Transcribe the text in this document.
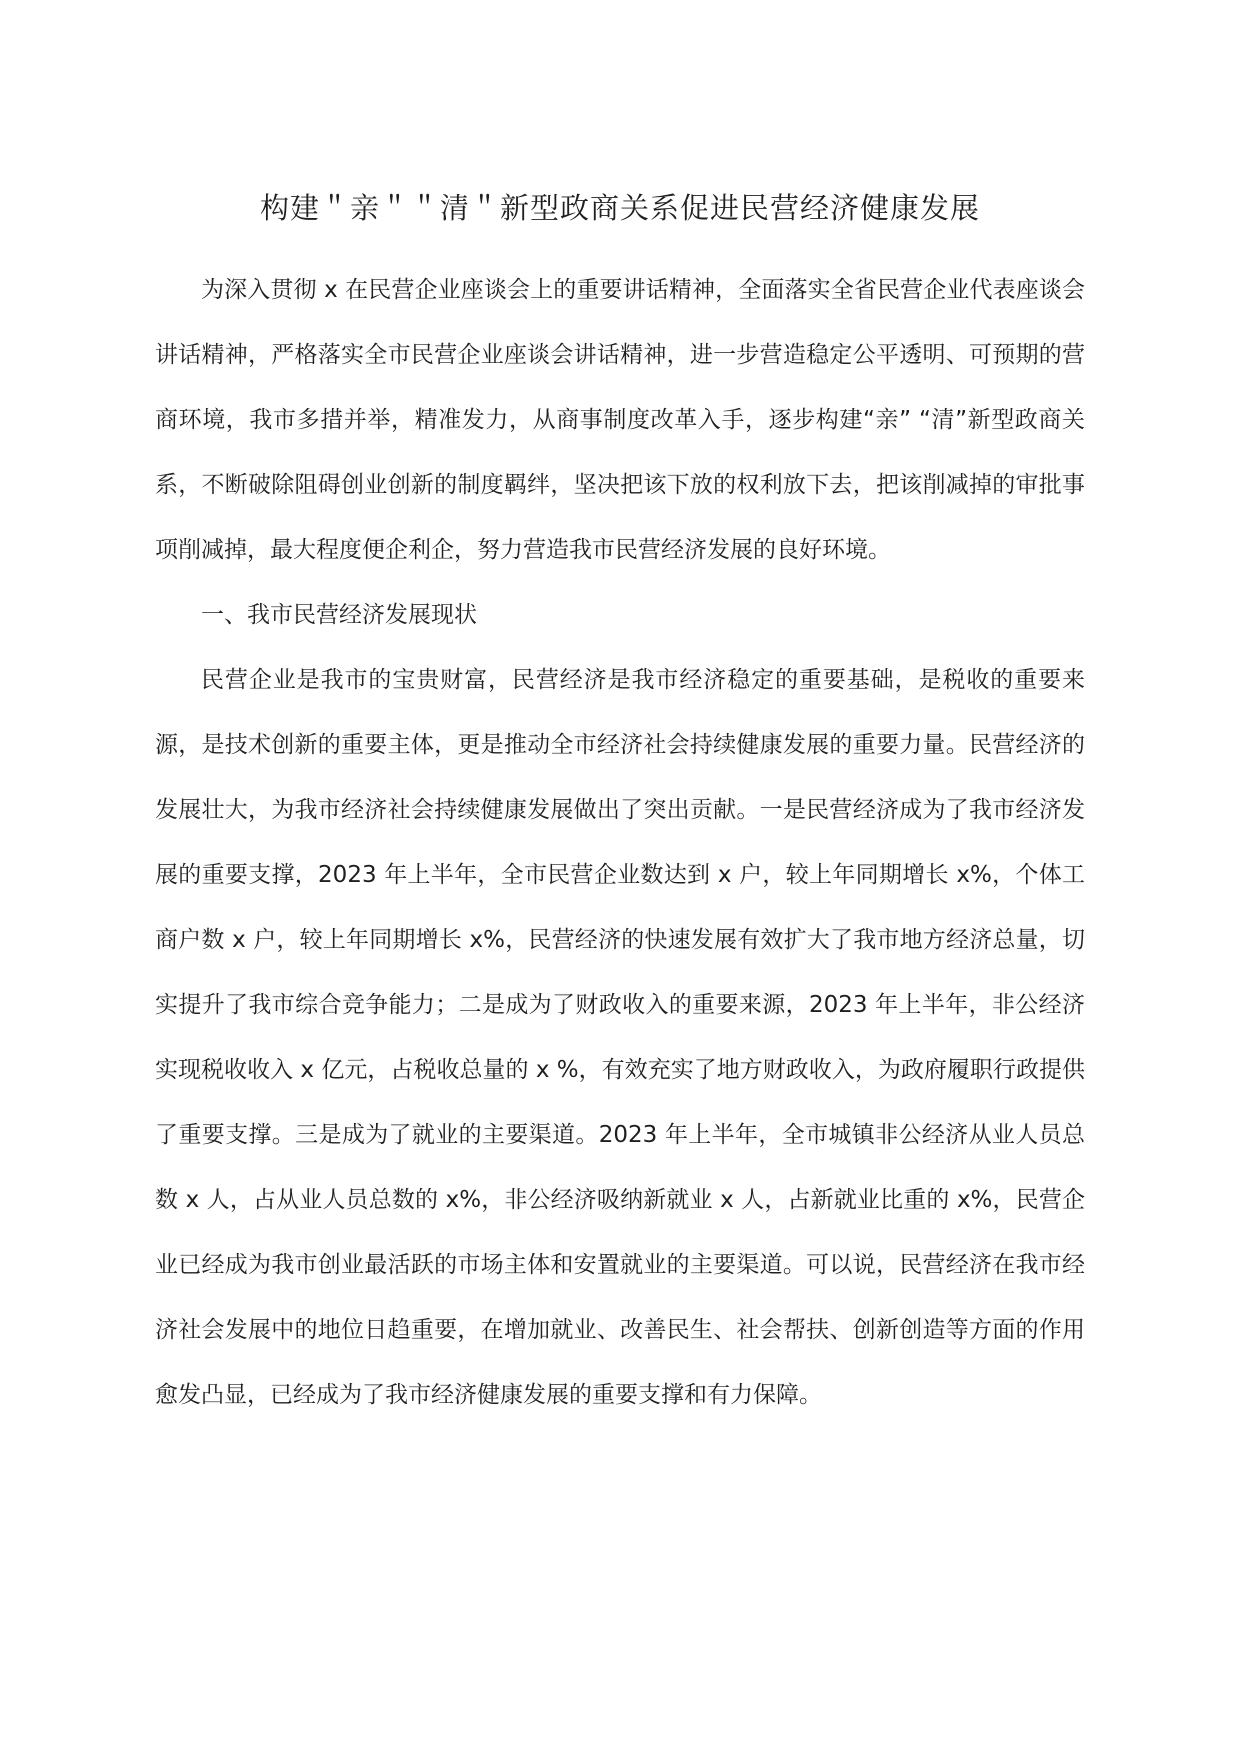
构建＂亲＂＂清＂新型政商关系促进民营经济健康发展

为深入贯彻 x 在民营企业座谈会上的重要讲话精神，全面落实全省民营企业代表座谈会讲话精神，严格落实全市民营企业座谈会讲话精神，进一步营造稳定公平透明、可预期的营商环境，我市多措并举，精准发力，从商事制度改革入手，逐步构建“亲” “清”新型政商关系，不断破除阻碍创业创新的制度羁绊，坚决把该下放的权利放下去，把该削减掉的审批事项削减掉，最大程度便企利企，努力营造我市民营经济发展的良好环境。

一、我市民营经济发展现状

民营企业是我市的宝贵财富，民营经济是我市经济稳定的重要基础，是税收的重要来源，是技术创新的重要主体，更是推动全市经济社会持续健康发展的重要力量。民营经济的发展壮大，为我市经济社会持续健康发展做出了突出贡献。一是民营经济成为了我市经济发展的重要支撑，2023 年上半年，全市民营企业数达到 x 户，较上年同期增长 x%，个体工商户数 x 户，较上年同期增长 x%，民营经济的快速发展有效扩大了我市地方经济总量，切实提升了我市综合竞争能力；二是成为了财政收入的重要来源，2023 年上半年，非公经济实现税收收入 x 亿元，占税收总量的 x %，有效充实了地方财政收入，为政府履职行政提供了重要支撑。三是成为了就业的主要渠道。2023 年上半年，全市城镇非公经济从业人员总数 x 人，占从业人员总数的 x%，非公经济吸纳新就业 x 人，占新就业比重的 x%，民营企业已经成为我市创业最活跃的市场主体和安置就业的主要渠道。可以说，民营经济在我市经济社会发展中的地位日趋重要，在增加就业、改善民生、社会帮扶、创新创造等方面的作用愈发凸显，已经成为了我市经济健康发展的重要支撑和有力保障。
